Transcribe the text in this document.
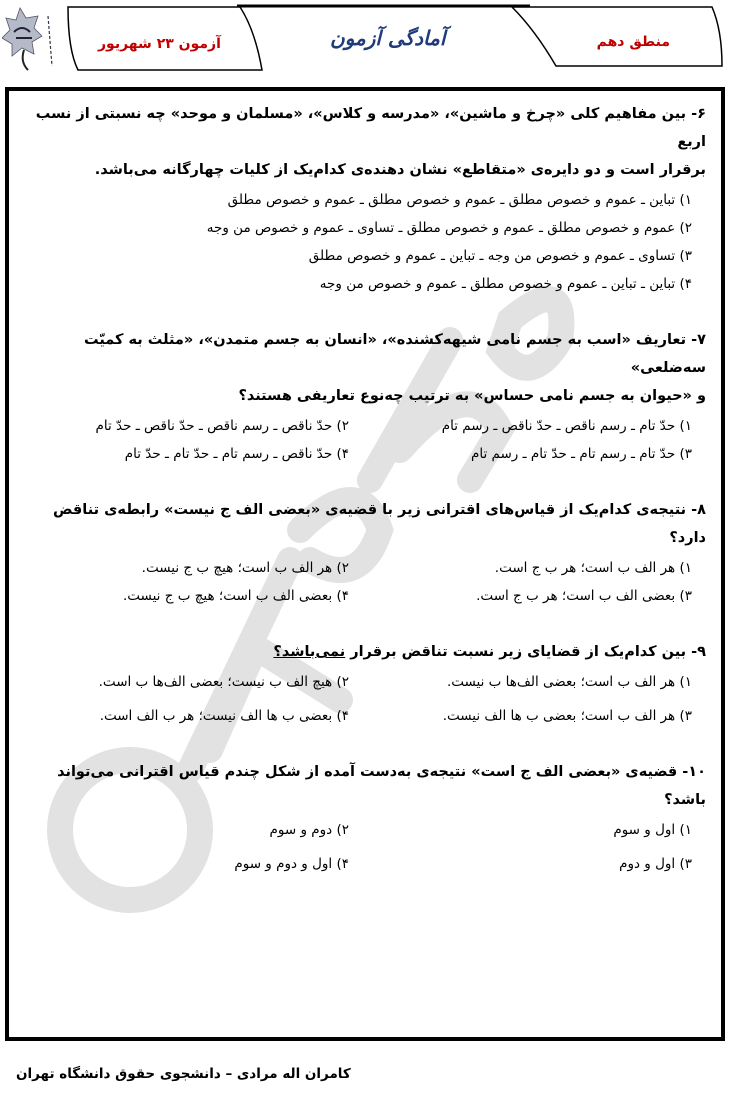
منطق دهم
آمادگی آزمون
آزمون ۲۳ شهریور

۶- بین مفاهیم کلی «چرخ و ماشین»، «مدرسه و کلاس»، «مسلمان و موحد» چه نسبتی از نسب اربع

برقرار است و دو دایره‌ی «متقاطع» نشان دهنده‌ی کدام‌یک از کلیات چهارگانه می‌باشد.

۱) تباین ـ عموم و خصوص مطلق ـ عموم و خصوص مطلق ـ عموم و خصوص مطلق
۲) عموم و خصوص مطلق ـ عموم و خصوص مطلق ـ تساوی ـ عموم و خصوص من وجه
۳) تساوی ـ عموم و خصوص من وجه ـ تباین ـ عموم و خصوص مطلق
۴) تباین ـ تباین ـ عموم و خصوص مطلق ـ عموم و خصوص من وجه

۷- تعاریف «اسب به جسم نامی شیهه‌کشنده»، «انسان به جسم متمدن»، «مثلث به کمیّت سه‌ضلعی»

و «حیوان به جسم نامی حساس» به ترتیب چه‌نوع تعاریفی هستند؟

۱) حدّ تام ـ رسم ناقص ـ حدّ ناقص ـ رسم تام
۲) حدّ ناقص ـ رسم ناقص ـ حدّ ناقص ـ حدّ تام
۳) حدّ تام ـ رسم تام ـ حدّ تام ـ رسم تام
۴) حدّ ناقص ـ رسم تام ـ حدّ تام ـ حدّ تام

۸- نتیجه‌ی کدام‌یک از قیاس‌های اقترانی زیر با قضیه‌ی «بعضی الف ج نیست» رابطه‌ی تناقض دارد؟

۱) هر الف ب است؛ هر ب ج است.
۲) هر الف ب است؛ هیچ ب ج نیست.
۳) بعضی الف ب است؛ هر ب ج است.
۴) بعضی الف ب است؛ هیچ ب ج نیست.

۹- بین کدام‌یک از قضایای زیر نسبت تناقض برقرار نمی‌باشد؟

۱) هر الف ب است؛ بعضی الف‌ها ب نیست.
۲) هیچ الف ب نیست؛ بعضی الف‌ها ب است.
۳) هر الف ب است؛ بعضی ب ها الف نیست.
۴) بعضی ب ها الف نیست؛ هر ب الف است.

۱۰- قضیه‌ی «بعضی الف ج است» نتیجه‌ی به‌دست آمده از شکل چندم قیاس اقترانی می‌تواند باشد؟

۱) اول و سوم
۲) دوم و سوم
۳) اول و دوم
۴) اول و دوم و سوم
کامران اله مرادی – دانشجوی حقوق دانشگاه تهران
